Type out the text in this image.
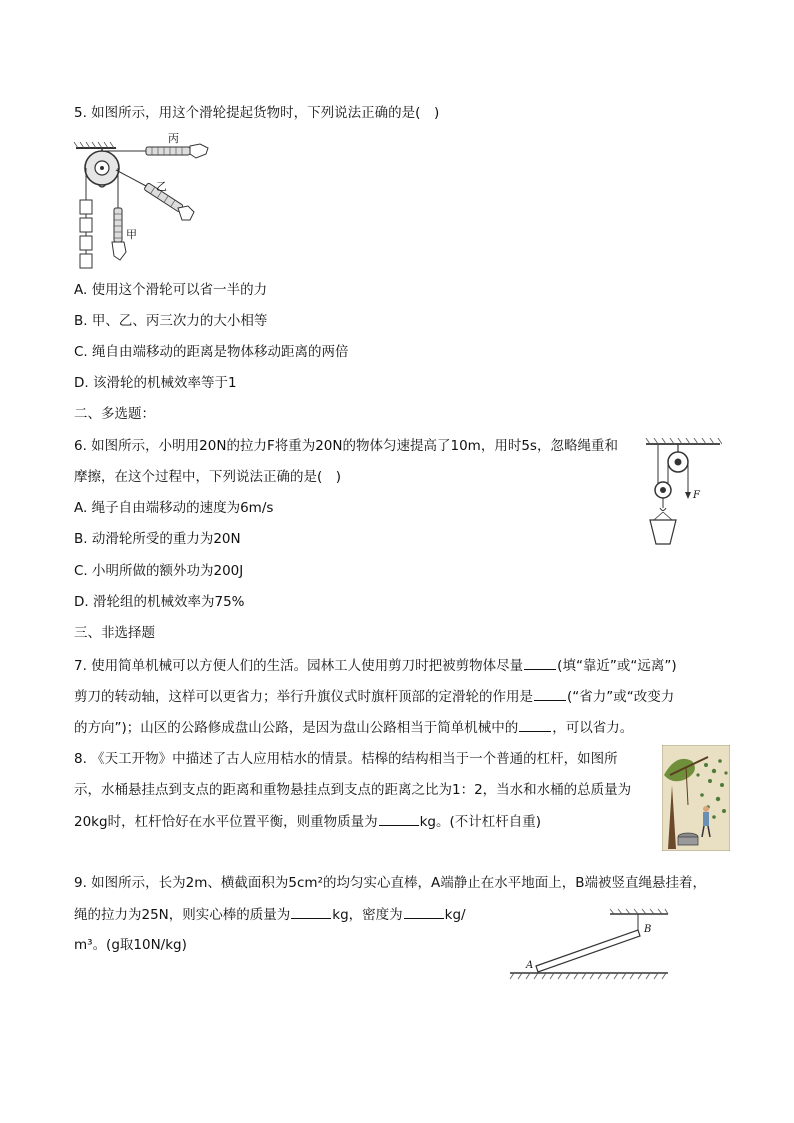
5. 如图所示，用这个滑轮提起货物时，下列说法正确的是(　)
丙
乙
甲
A. 使用这个滑轮可以省一半的力
B. 甲、乙、丙三次力的大小相等
C. 绳自由端移动的距离是物体移动距离的两倍
D. 该滑轮的机械效率等于1
二、多选题：
6. 如图所示，小明用20N的拉力F将重为20N的物体匀速提高了10m，用时5s，忽略绳重和
摩擦，在这个过程中，下列说法正确的是(　)
F
A. 绳子自由端移动的速度为6m/s
B. 动滑轮所受的重力为20N
C. 小明所做的额外功为200J
D. 滑轮组的机械效率为75%
三、非选择题
7. 使用简单机械可以方便人们的生活。园林工人使用剪刀时把被剪物体尽量	(填“靠近”或“远离”)
剪刀的转动轴，这样可以更省力；举行升旗仪式时旗杆顶部的定滑轮的作用是	(“省力”或“改变力
的方向”)；山区的公路修成盘山公路，是因为盘山公路相当于简单机械中的	，可以省力。
8. 《天工开物》中描述了古人应用桔水的情景。桔槔的结构相当于一个普通的杠杆，如图所
示，水桶悬挂点到支点的距离和重物悬挂点到支点的距离之比为1：2，当水和水桶的总质量为
20kg时，杠杆恰好在水平位置平衡，则重物质量为	kg。(不计杠杆自重)
9. 如图所示，长为2m、横截面积为5cm²的均匀实心直棒，A端静止在水平地面上，B端被竖直绳悬挂着，
绳的拉力为25N，则实心棒的质量为	kg，密度为	kg/
m³。(g取10N/kg)
A
B
